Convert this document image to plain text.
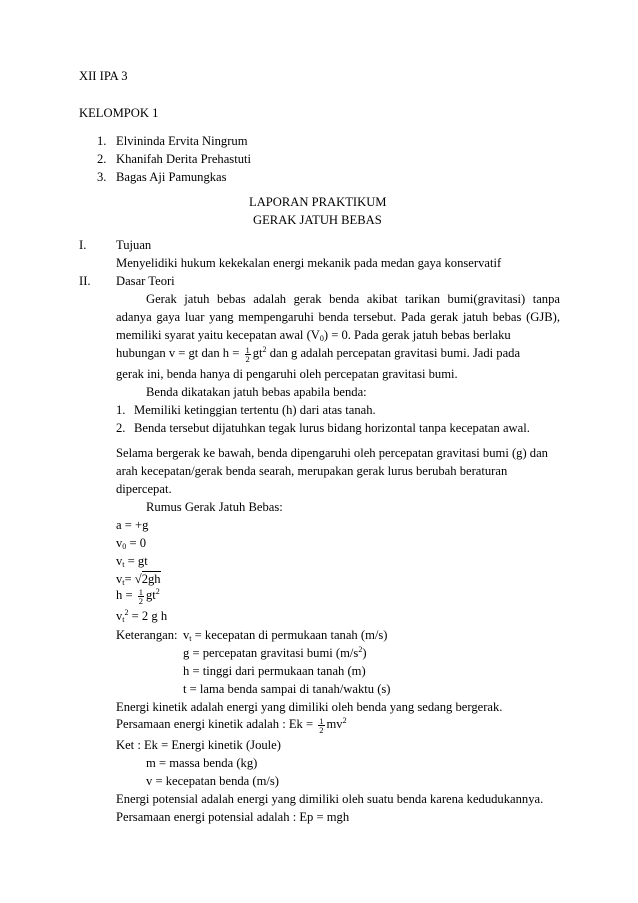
XII IPA 3
KELOMPOK 1
1. Elvininda Ervita Ningrum
2. Khanifah Derita Prehastuti
3. Bagas Aji Pamungkas
LAPORAN PRAKTIKUM
GERAK JATUH BEBAS
I. Tujuan
Menyelidiki hukum kekekalan energi mekanik pada medan gaya konservatif
II. Dasar Teori
Gerak jatuh bebas adalah gerak benda akibat tarikan bumi(gravitasi) tanpa
adanya gaya luar yang mempengaruhi benda tersebut. Pada gerak jatuh bebas (GJB),
memiliki syarat yaitu kecepatan awal $(V_0) = 0$. Pada gerak jatuh bebas berlaku
hubungan v = gt dan $h = \frac{1}{2} gt^2$ dan g adalah percepatan gravitasi bumi. Jadi pada
gerak ini, benda hanya di pengaruhi oleh percepatan gravitasi bumi.
Benda dikatakan jatuh bebas apabila benda:
1. Memiliki ketinggian tertentu (h) dari atas tanah.
2. Benda tersebut dijatuhkan tegak lurus bidang horizontal tanpa kecepatan awal.
Selama bergerak ke bawah, benda dipengaruhi oleh percepatan gravitasi bumi (g) dan
arah kecepatan/gerak benda searah, merupakan gerak lurus berubah beraturan
dipercepat.
Rumus Gerak Jatuh Bebas:
a = +g
$v_0 = 0$
$v_t$ = gt
$v_t= √2gh$
$h = \frac{1}{2} gt^2$
$v_t^2 = 2$ g h
Keterangan: $v_t$ = kecepatan di permukaan tanah (m/s)
g = percepatan gravitasi bumi $(m/s^2)$
h = tinggi dari permukaan tanah (m)
t = lama benda sampai di tanah/waktu (s)
Energi kinetik adalah energi yang dimiliki oleh benda yang sedang bergerak.
Persamaan energi kinetik adalah : $Ek = \frac{1}{2} mv^2$
Ket : Ek = Energi kinetik (Joule)
m = massa benda (kg)
v = kecepatan benda (m/s)
Energi potensial adalah energi yang dimiliki oleh suatu benda karena kedudukannya.
Persamaan energi potensial adalah : Ep = mgh
